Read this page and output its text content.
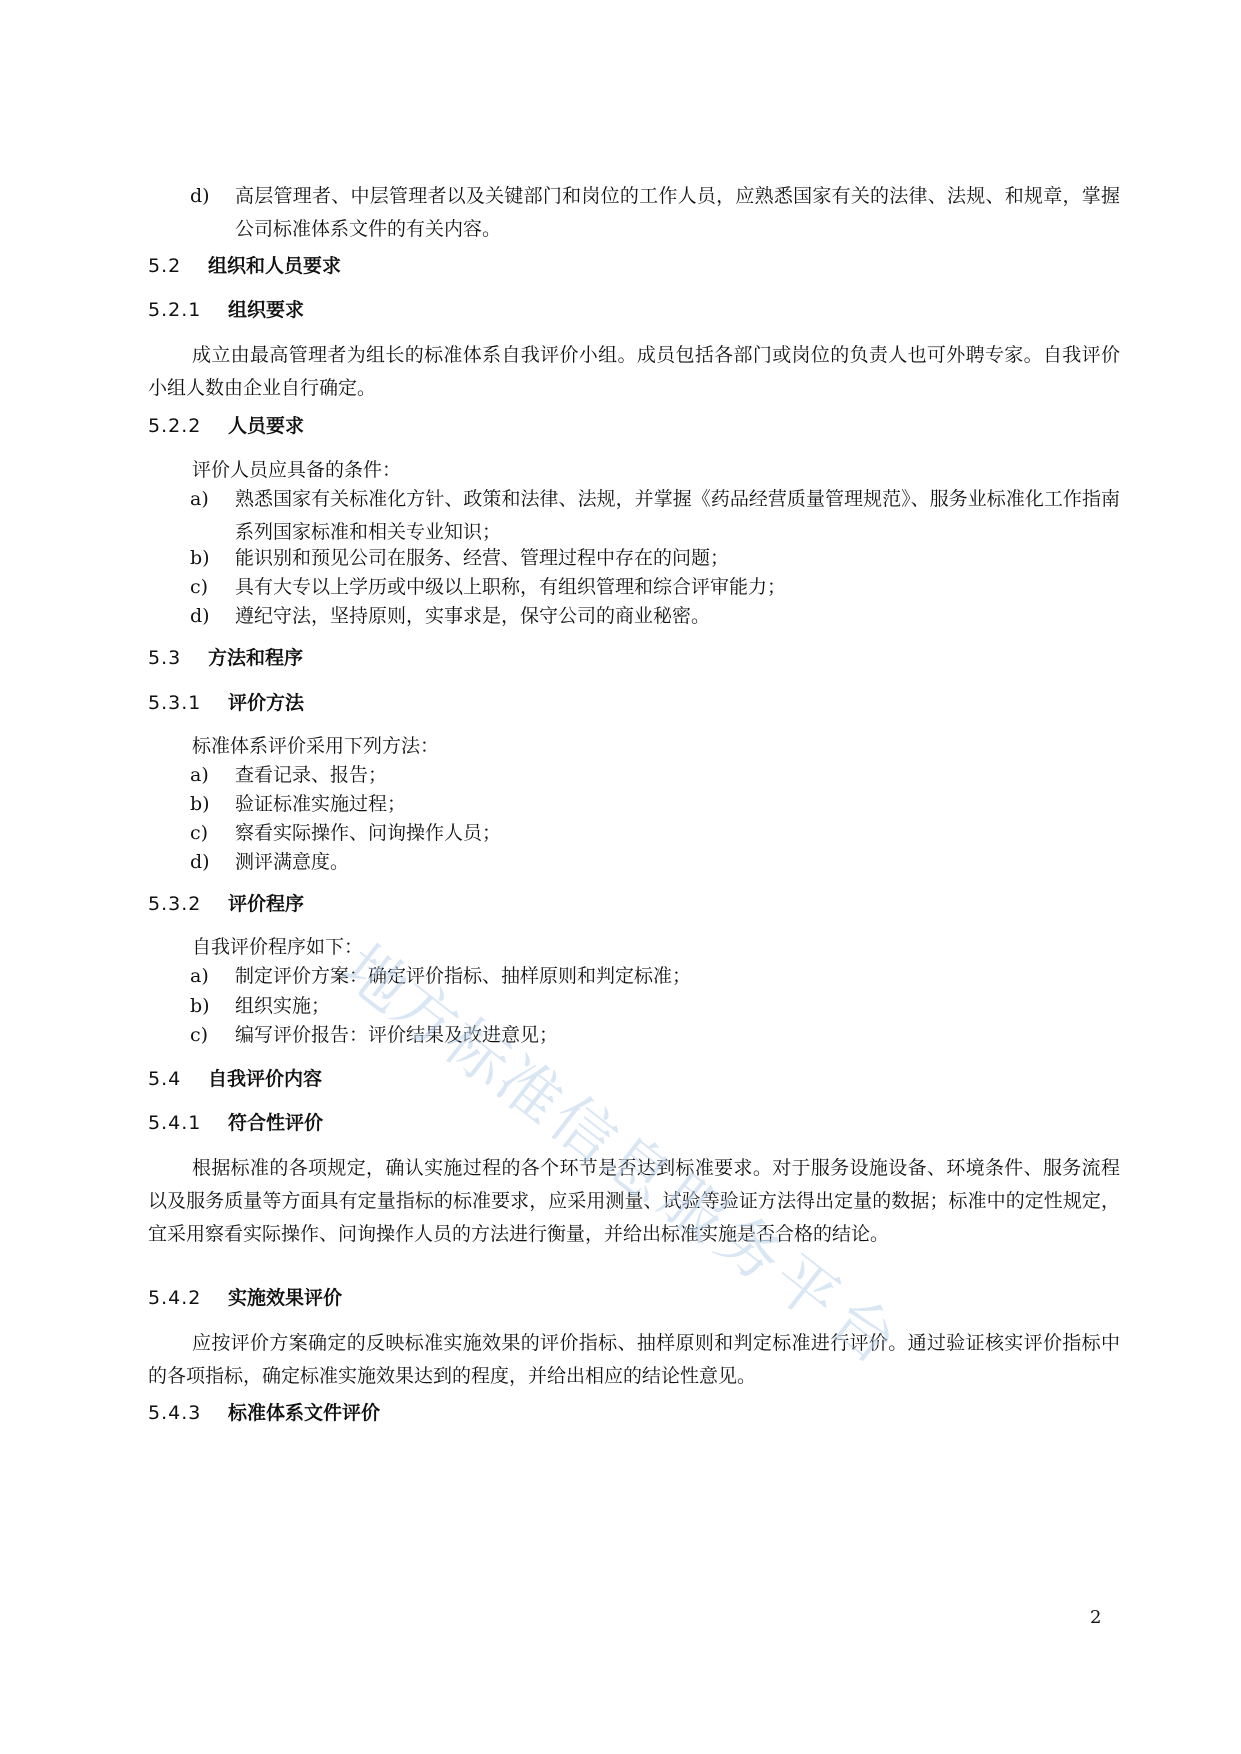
d) 高层管理者、中层管理者以及关键部门和岗位的工作人员，应熟悉国家有关的法律、法规、和规章，掌握公司标准体系文件的有关内容。
5.2 组织和人员要求
5.2.1 组织要求
成立由最高管理者为组长的标准体系自我评价小组。成员包括各部门或岗位的负责人也可外聘专家。自我评价小组人数由企业自行确定。
5.2.2 人员要求
评价人员应具备的条件：
a) 熟悉国家有关标准化方针、政策和法律、法规，并掌握《药品经营质量管理规范》、服务业标准化工作指南系列国家标准和相关专业知识；
b) 能识别和预见公司在服务、经营、管理过程中存在的问题；
c) 具有大专以上学历或中级以上职称，有组织管理和综合评审能力；
d) 遵纪守法，坚持原则，实事求是，保守公司的商业秘密。
5.3 方法和程序
5.3.1 评价方法
标准体系评价采用下列方法：
a) 查看记录、报告；
b) 验证标准实施过程；
c) 察看实际操作、问询操作人员；
d) 测评满意度。
5.3.2 评价程序
自我评价程序如下：
a) 制定评价方案：确定评价指标、抽样原则和判定标准；
b) 组织实施；
c) 编写评价报告：评价结果及改进意见；
5.4 自我评价内容
5.4.1 符合性评价
根据标准的各项规定，确认实施过程的各个环节是否达到标准要求。对于服务设施设备、环境条件、服务流程以及服务质量等方面具有定量指标的标准要求，应采用测量、试验等验证方法得出定量的数据；标准中的定性规定，宜采用察看实际操作、问询操作人员的方法进行衡量，并给出标准实施是否合格的结论。
5.4.2 实施效果评价
应按评价方案确定的反映标准实施效果的评价指标、抽样原则和判定标准进行评价。通过验证核实评价指标中的各项指标，确定标准实施效果达到的程度，并给出相应的结论性意见。
5.4.3 标准体系文件评价
2
地
方
标
准
信
息
服
务
平
台
